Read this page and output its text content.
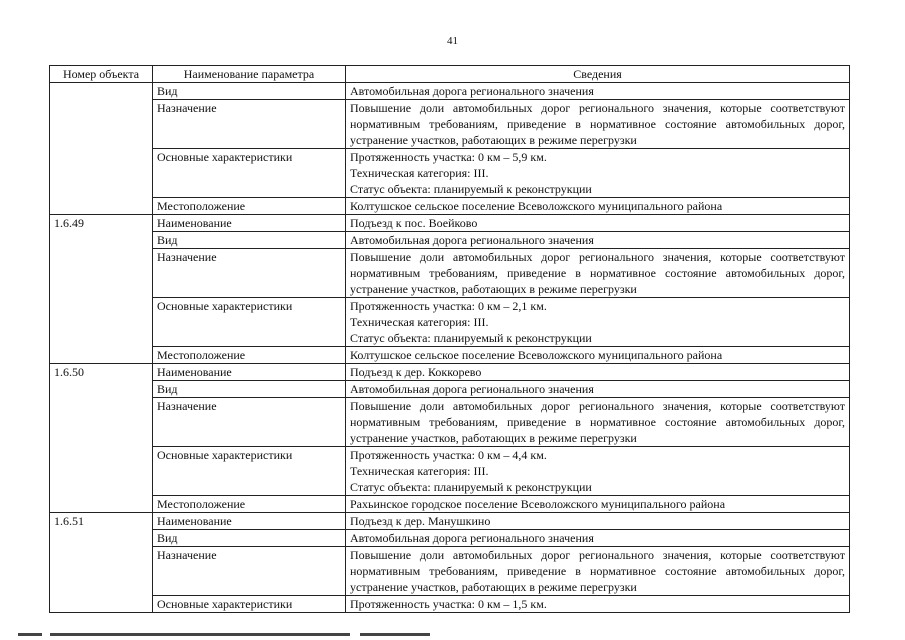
41
Номер объекта	Наименование параметра	Сведения
	Вид	Автомобильная дорога регионального значения

	Назначение	Повышение доли автомобильных дорог регионального значения, которые соответствуют нормативным требованиям, приведение в нормативное состояние автомобильных дорог, устранение участков, работающих в режиме перегрузки

	Основные характеристики	Протяженность участка: 0 км – 5,9 км.
Техническая категория: III.
Статус объекта: планируемый к реконструкции

	Местоположение	Колтушское сельское поселение Всеволожского муниципального района

1.6.49	Наименование	Подъезд к пос. Воейково

	Вид	Автомобильная дорога регионального значения

	Назначение	Повышение доли автомобильных дорог регионального значения, которые соответствуют нормативным требованиям, приведение в нормативное состояние автомобильных дорог, устранение участков, работающих в режиме перегрузки

	Основные характеристики	Протяженность участка: 0 км – 2,1 км.
Техническая категория: III.
Статус объекта: планируемый к реконструкции

	Местоположение	Колтушское сельское поселение Всеволожского муниципального района

1.6.50	Наименование	Подъезд к дер. Коккорево

	Вид	Автомобильная дорога регионального значения

	Назначение	Повышение доли автомобильных дорог регионального значения, которые соответствуют нормативным требованиям, приведение в нормативное состояние автомобильных дорог, устранение участков, работающих в режиме перегрузки

	Основные характеристики	Протяженность участка: 0 км – 4,4 км.
Техническая категория: III.
Статус объекта: планируемый к реконструкции

	Местоположение	Рахьинское городское поселение Всеволожского муниципального района

1.6.51	Наименование	Подъезд к дер. Манушкино

	Вид	Автомобильная дорога регионального значения

	Назначение	Повышение доли автомобильных дорог регионального значения, которые соответствуют нормативным требованиям, приведение в нормативное состояние автомобильных дорог, устранение участков, работающих в режиме перегрузки

	Основные характеристики	Протяженность участка: 0 км – 1,5 км.
